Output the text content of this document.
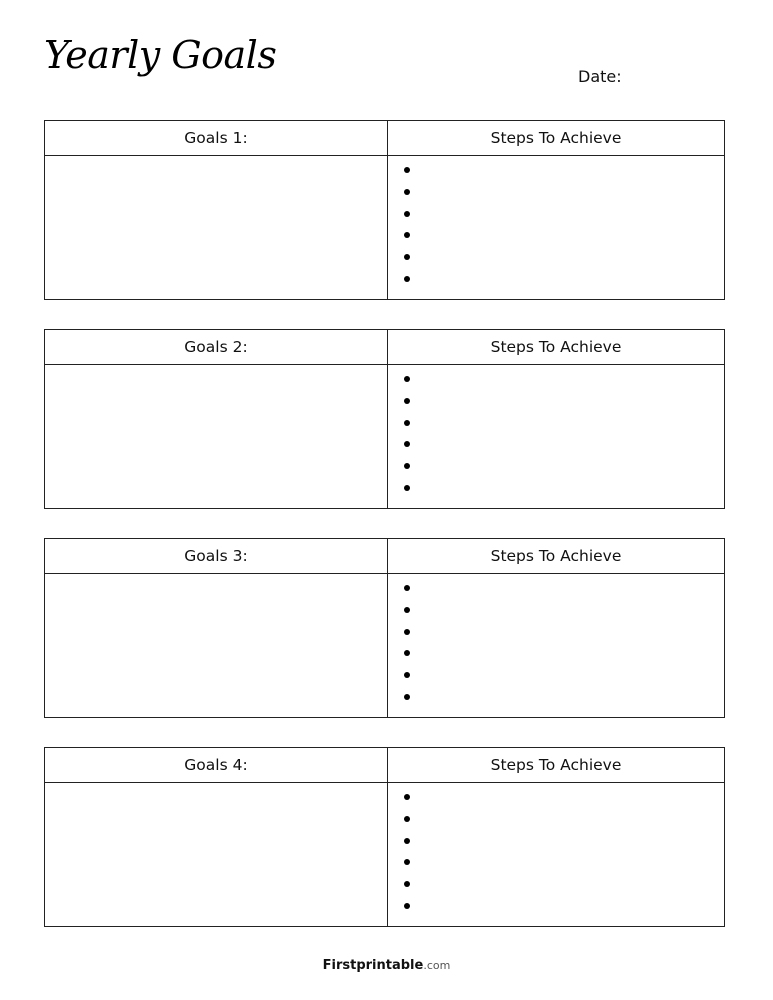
Yearly Goals	Date:
Goals 1:	Steps To Achieve
Goals 2:	Steps To Achieve
Goals 3:	Steps To Achieve
Goals 4:	Steps To Achieve
Firstprintable.com
